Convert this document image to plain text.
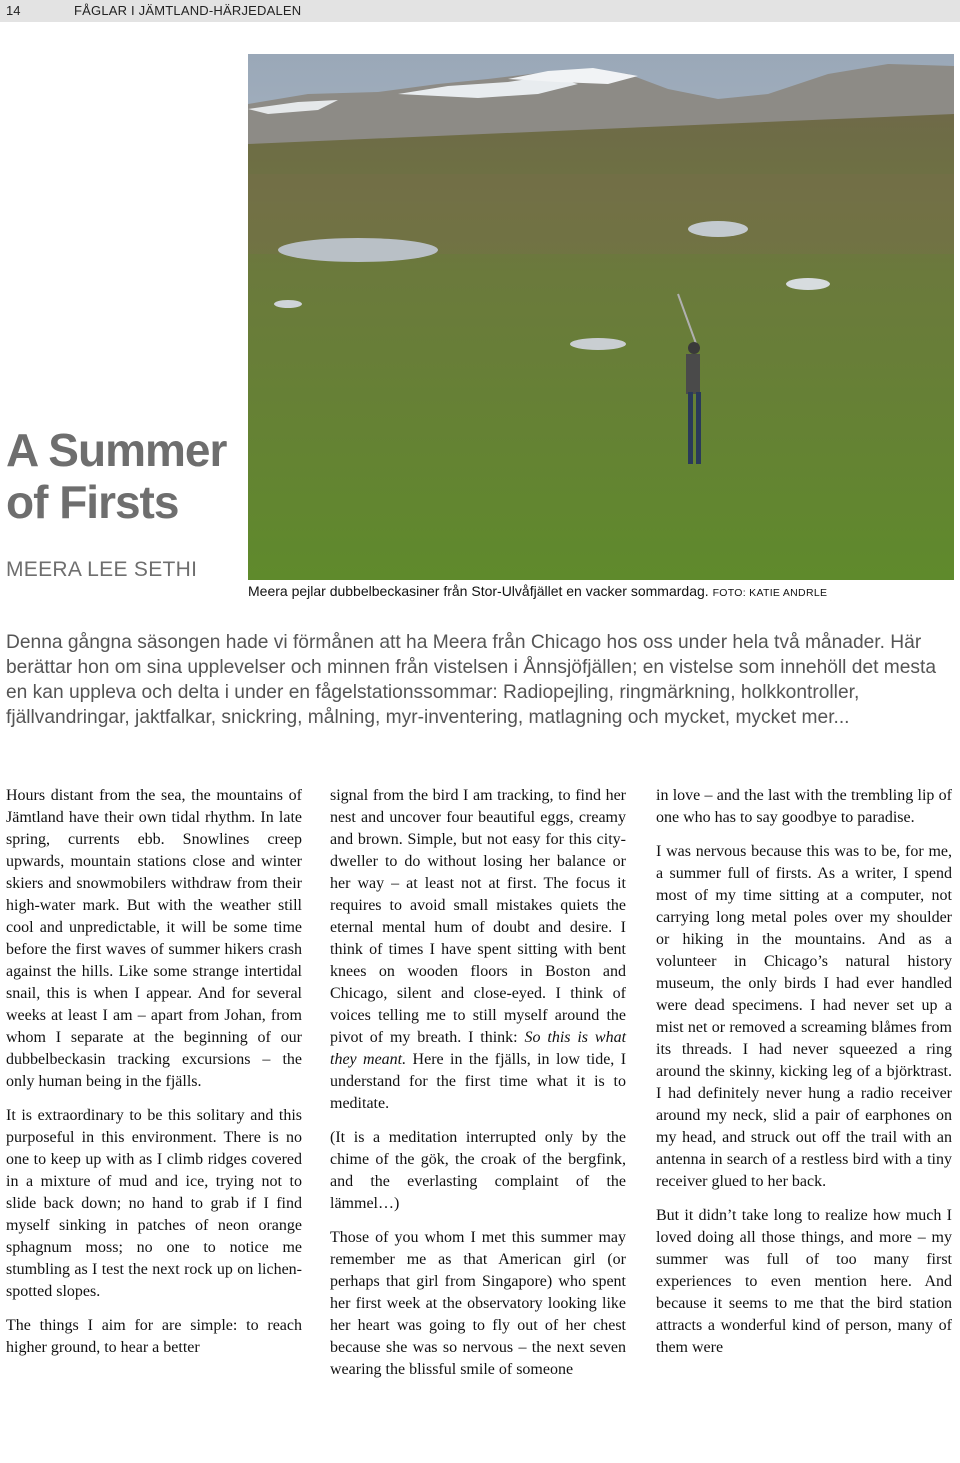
14	FÅGLAR I JÄMTLAND-HÄRJEDALEN
A Summer
of Firsts
MEERA LEE SETHI
Meera pejlar dubbelbeckasiner från Stor-Ulvåfjället en vacker sommardag. FOTO: KATIE ANDRLE
Denna gångna säsongen hade vi förmånen att ha Meera från Chicago hos oss under hela två månader. Här berättar hon om sina upplevelser och minnen från vistelsen i Ånnsjöfjällen; en vistelse som innehöll det mesta en kan uppleva och delta i under en fågelstationssommar: Radiopejling, ringmärkning, holkkontroller, fjällvandringar, jaktfalkar, snickring, målning, myr-inventering, matlagning och mycket, mycket mer...

Hours distant from the sea, the mountains of Jämtland have their own tidal rhythm. In late spring, currents ebb. Snowlines creep upwards, mountain stations close and winter skiers and snowmobilers withdraw from their high-water mark. But with the weather still cool and unpredictable, it will be some time before the first waves of summer hikers crash against the hills. Like some strange intertidal snail, this is when I appear. And for several weeks at least I am – apart from Johan, from whom I separate at the beginning of our dubbelbeckasin tracking excursions – the only human being in the fjälls.

It is extraordinary to be this solitary and this purposeful in this environment. There is no one to keep up with as I climb ridges covered in a mixture of mud and ice, trying not to slide back down; no hand to grab if I find myself sinking in patches of neon orange sphagnum moss; no one to notice me stumbling as I test the next rock up on lichen-spotted slopes.

The things I aim for are simple: to reach higher ground, to hear a better

signal from the bird I am tracking, to find her nest and uncover four beautiful eggs, creamy and brown. Simple, but not easy for this city-dweller to do without losing her balance or her way – at least not at first. The focus it requires to avoid small mistakes quiets the eternal mental hum of doubt and desire. I think of times I have spent sitting with bent knees on wooden floors in Boston and Chicago, silent and close-eyed. I think of voices telling me to still myself around the pivot of my breath. I think: So this is what they meant. Here in the fjälls, in low tide, I understand for the first time what it is to meditate.

(It is a meditation interrupted only by the chime of the gök, the croak of the bergfink, and the everlasting complaint of the lämmel…)

Those of you whom I met this summer may remember me as that American girl (or perhaps that girl from Singapore) who spent her first week at the observatory looking like her heart was going to fly out of her chest because she was so nervous – the next seven wearing the blissful smile of someone

in love – and the last with the trembling lip of one who has to say goodbye to paradise.

I was nervous because this was to be, for me, a summer full of firsts. As a writer, I spend most of my time sitting at a computer, not carrying long metal poles over my shoulder or hiking in the mountains. And as a volunteer in Chicago’s natural history museum, the only birds I had ever handled were dead specimens. I had never set up a mist net or removed a screaming blåmes from its threads. I had never squeezed a ring around the skinny, kicking leg of a björktrast. I had definitely never hung a radio receiver around my neck, slid a pair of earphones on my head, and struck out off the trail with an antenna in search of a restless bird with a tiny receiver glued to her back.

But it didn’t take long to realize how much I loved doing all those things, and more – my summer was full of too many first experiences to even mention here. And because it seems to me that the bird station attracts a wonderful kind of person, many of them were
